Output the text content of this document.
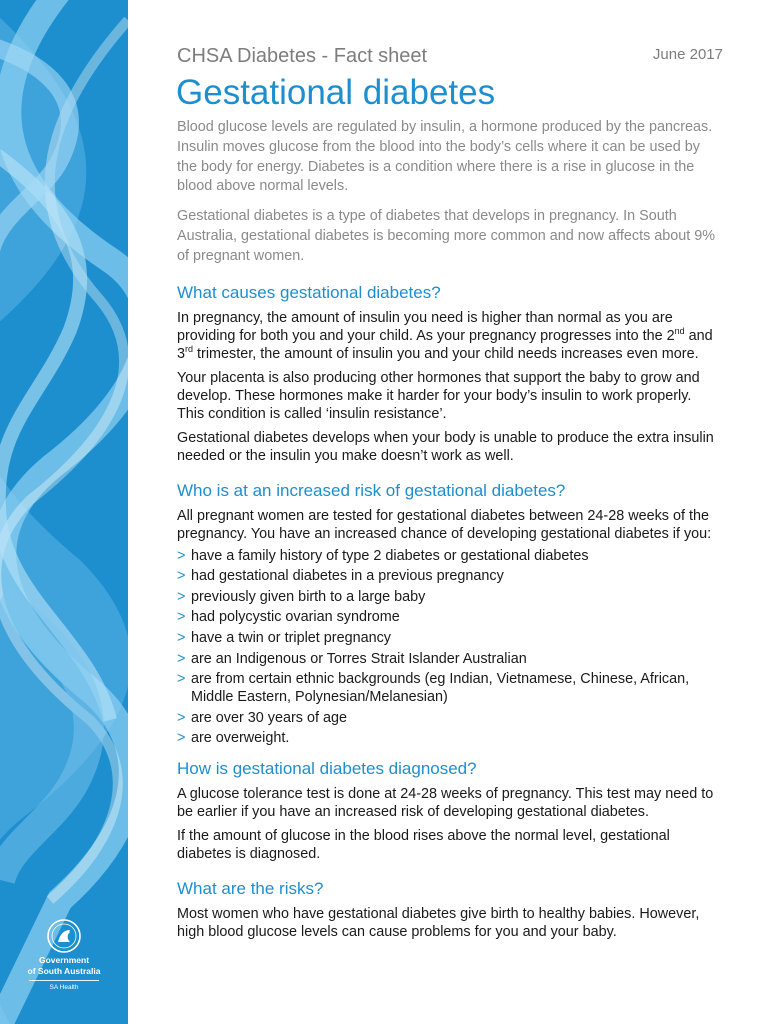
Government
of South Australia
SA Health
CHSA Diabetes - Fact sheet	June 2017
Gestational diabetes

Blood glucose levels are regulated by insulin, a hormone produced by the pancreas. Insulin moves glucose from the blood into the body’s cells where it can be used by the body for energy. Diabetes is a condition where there is a rise in glucose in the blood above normal levels.

Gestational diabetes is a type of diabetes that develops in pregnancy. In South Australia, gestational diabetes is becoming more common and now affects about 9% of pregnant women.

What causes gestational diabetes?

In pregnancy, the amount of insulin you need is higher than normal as you are providing for both you and your child. As your pregnancy progresses into the 2nd and 3rd trimester, the amount of insulin you and your child needs increases even more.

Your placenta is also producing other hormones that support the baby to grow and develop. These hormones make it harder for your body’s insulin to work properly. This condition is called ‘insulin resistance’.

Gestational diabetes develops when your body is unable to produce the extra insulin needed or the insulin you make doesn’t work as well.

Who is at an increased risk of gestational diabetes?

All pregnant women are tested for gestational diabetes between 24-28 weeks of the pregnancy. You have an increased chance of developing gestational diabetes if you:

> have a family history of type 2 diabetes or gestational diabetes
> had gestational diabetes in a previous pregnancy
> previously given birth to a large baby
> had polycystic ovarian syndrome
> have a twin or triplet pregnancy
> are an Indigenous or Torres Strait Islander Australian
> are from certain ethnic backgrounds (eg Indian, Vietnamese, Chinese, African, Middle Eastern, Polynesian/Melanesian)
> are over 30 years of age
> are overweight.
How is gestational diabetes diagnosed?

A glucose tolerance test is done at 24-28 weeks of pregnancy. This test may need to be earlier if you have an increased risk of developing gestational diabetes.

If the amount of glucose in the blood rises above the normal level, gestational diabetes is diagnosed.

What are the risks?

Most women who have gestational diabetes give birth to healthy babies. However, high blood glucose levels can cause problems for you and your baby.
